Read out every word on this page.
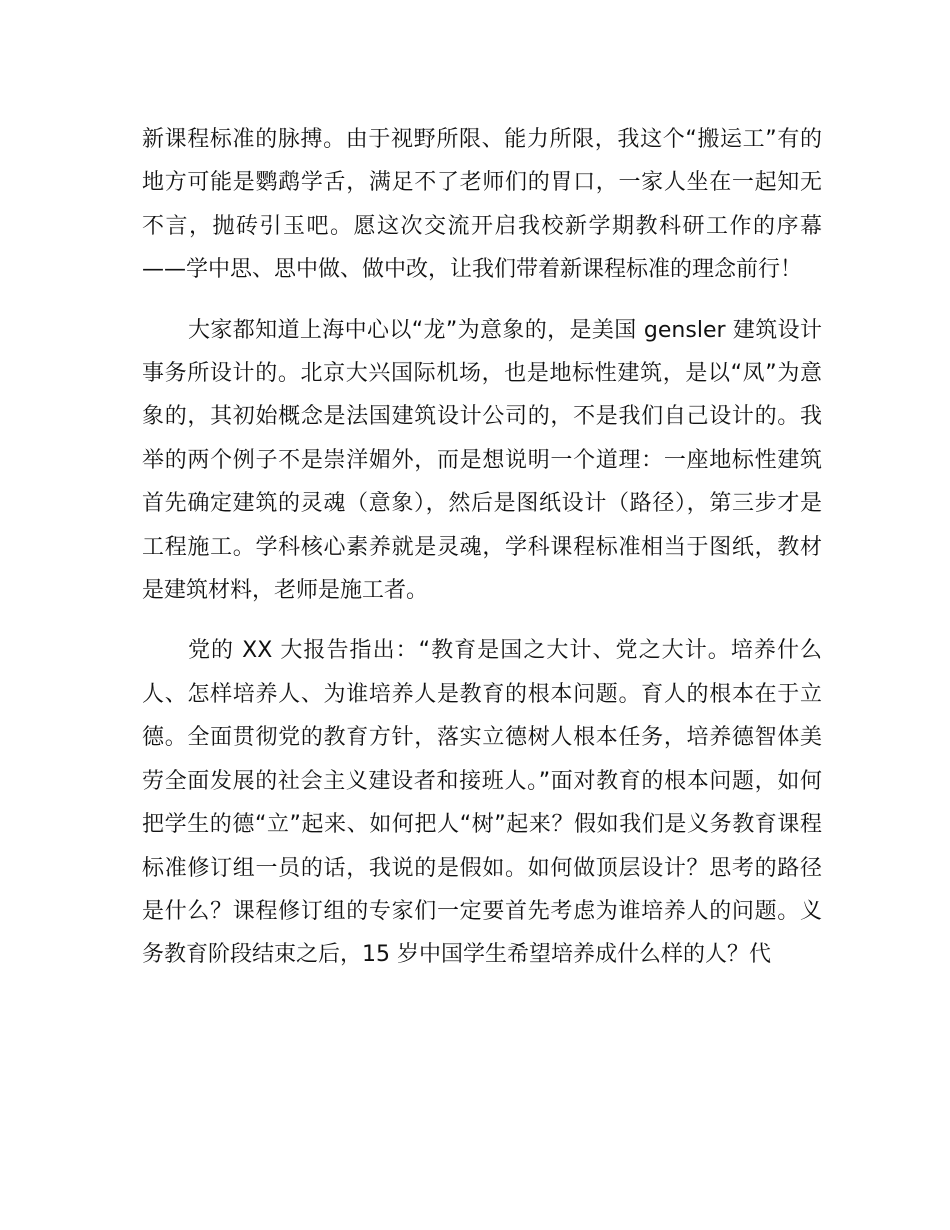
新课程标准的脉搏。由于视野所限、能力所限，我这个“搬运工”有的地方可能是鹦鹉学舌，满足不了老师们的胃口，一家人坐在一起知无不言，抛砖引玉吧。愿这次交流开启我校新学期教科研工作的序幕——学中思、思中做、做中改，让我们带着新课程标准的理念前行！

大家都知道上海中心以“龙”为意象的，是美国 gensler 建筑设计事务所设计的。北京大兴国际机场，也是地标性建筑，是以“凤”为意象的，其初始概念是法国建筑设计公司的，不是我们自己设计的。我举的两个例子不是崇洋媚外，而是想说明一个道理：一座地标性建筑首先确定建筑的灵魂（意象），然后是图纸设计（路径），第三步才是工程施工。学科核心素养就是灵魂，学科课程标准相当于图纸，教材是建筑材料，老师是施工者。

党的 XX 大报告指出：“教育是国之大计、党之大计。培养什么人、怎样培养人、为谁培养人是教育的根本问题。育人的根本在于立德。全面贯彻党的教育方针，落实立德树人根本任务，培养德智体美劳全面发展的社会主义建设者和接班人。”面对教育的根本问题，如何把学生的德“立”起来、如何把人“树”起来？假如我们是义务教育课程标准修订组一员的话，我说的是假如。如何做顶层设计？思考的路径是什么？课程修订组的专家们一定要首先考虑为谁培养人的问题。义务教育阶段结束之后，15 岁中国学生希望培养成什么样的人？代
